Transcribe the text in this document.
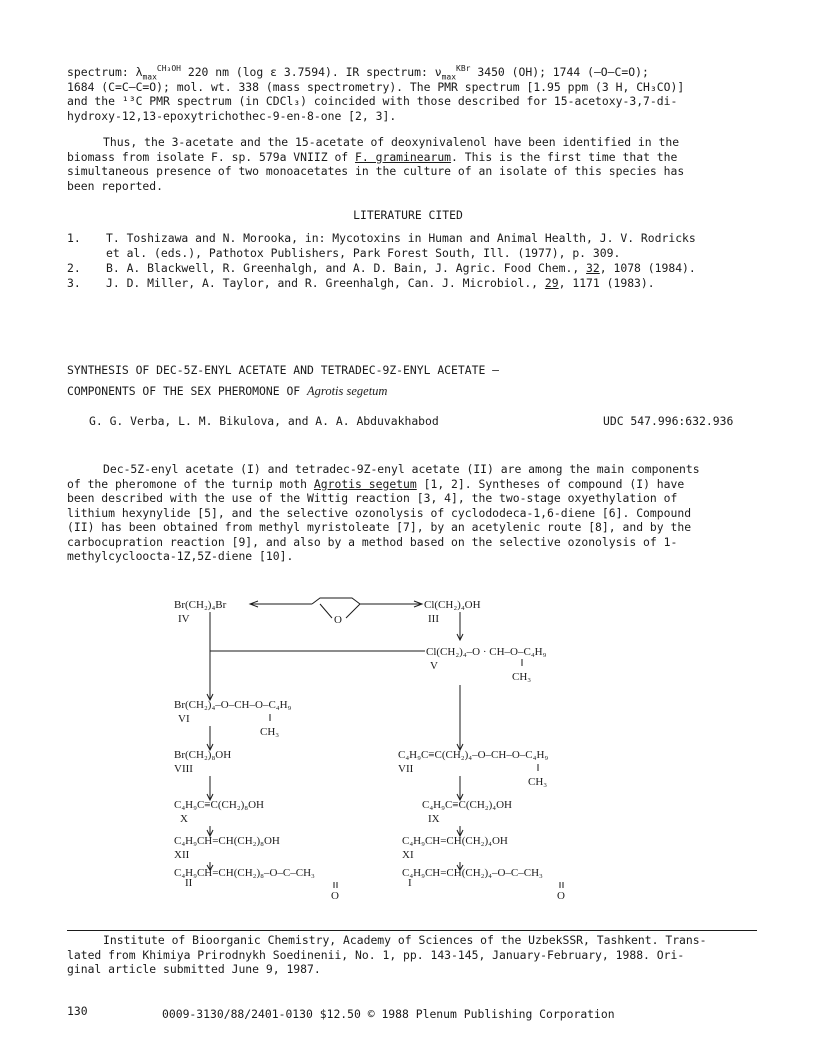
spectrum: $\lambda_{max}^{CH_3OH}$ 220 nm (log ε 3.7594). IR spectrum: $\nu_{max}^{KBr}$ 3450 (OH); 1744 (–O–C=O);
1684 (C=C–C=O); mol. wt. 338 (mass spectrometry). The PMR spectrum [1.95 ppm (3 H, CH₃CO)]
and the ¹³C PMR spectrum (in CDCl₃) coincided with those described for 15-acetoxy-3,7-di-
hydroxy-12,13-epoxytrichothec-9-en-8-one [2, 3].
Thus, the 3-acetate and the 15-acetate of deoxynivalenol have been identified in the
biomass from isolate F. sp. 579a VNIIZ of F. graminearum. This is the first time that the
simultaneous presence of two monoacetates in the culture of an isolate of this species has
been reported.
LITERATURE CITED
1. T. Toshizawa and N. Morooka, in: Mycotoxins in Human and Animal Health, J. V. Rodricks
et al. (eds.), Pathotox Publishers, Park Forest South, Ill. (1977), p. 309.
2. B. A. Blackwell, R. Greenhalgh, and A. D. Bain, J. Agric. Food Chem., 32, 1078 (1984).
3. J. D. Miller, A. Taylor, and R. Greenhalgh, Can. J. Microbiol., 29, 1171 (1983).
SYNTHESIS OF DEC-5Z-ENYL ACETATE AND TETRADEC-9Z-ENYL ACETATE —
COMPONENTS OF THE SEX PHEROMONE OF Agrotis segetum
G. G. Verba, L. M. Bikulova, and A. A. Abduvakhabod	UDC 547.996:632.936
Dec-5Z-enyl acetate (I) and tetradec-9Z-enyl acetate (II) are among the main components
of the pheromone of the turnip moth Agrotis segetum [1, 2]. Syntheses of compound (I) have
been described with the use of the Wittig reaction [3, 4], the two-stage oxyethylation of
lithium hexynylide [5], and the selective ozonolysis of cyclododeca-1,6-diene [6]. Compound
(II) has been obtained from methyl myristoleate [7], by an acetylenic route [8], and by the
carbocupration reaction [9], and also by a method based on the selective ozonolysis of 1-
methylcycloocta-1Z,5Z-diene [10].
Br(CH₂)₄Br
IV	O
Cl(CH₂)₄OH
III
Cl(CH₂)₄–O · CH–O–C₄H₉
V
CH₃
Br(CH₂)₄–O–CH–O–C₄H₉
VI
CH₃
Br(CH₂)₈OH
VIII
C₄H₉C≡C(CH₂)₄–O–CH–O–C₄H₉
VII
CH₃
C₄H₉C≡C(CH₂)₈OH
X
C₄H₉C≡C(CH₂)₄OH
IX
C₄H₉CH=CH(CH₂)₈OH
XII
C₄H₉CH=CH(CH₂)₄OH
XI
C₄H₉CH=CH(CH₂)₈–O–C–CH₃
O
C₄H₉CH=CH(CH₂)₄–O–C–CH₃
O
II	I
Institute of Bioorganic Chemistry, Academy of Sciences of the UzbekSSR, Tashkent. Trans-
lated from Khimiya Prirodnykh Soedinenii, No. 1, pp. 143-145, January-February, 1988. Ori-
ginal article submitted June 9, 1987.
130	0009-3130/88/2401-0130 $12.50 © 1988 Plenum Publishing Corporation
